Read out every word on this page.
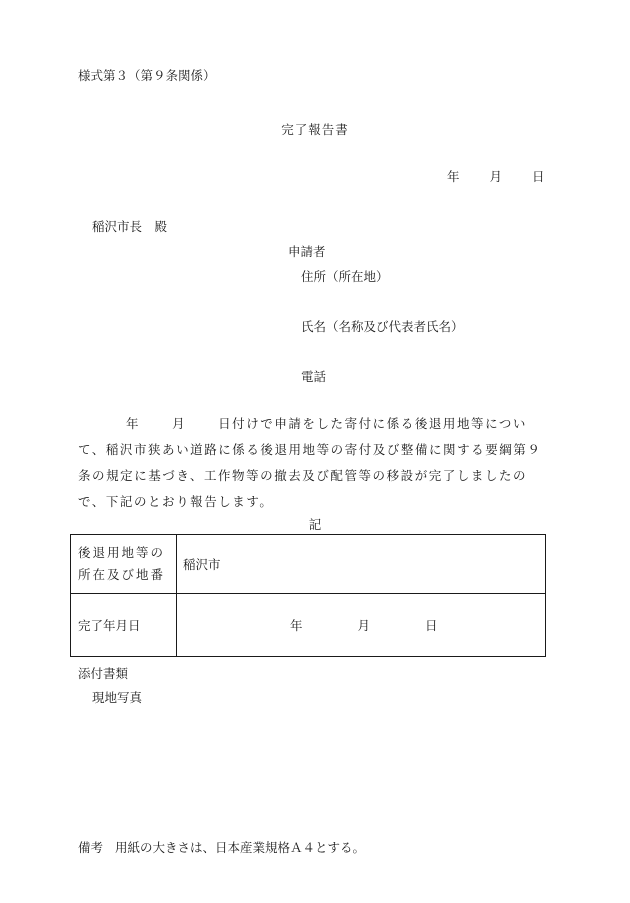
様式第３（第９条関係）
完了報告書
年 月 日
稲沢市長　殿
申請者
住所（所在地）
氏名（名称及び代表者氏名）
電話
年	月	日付けで申請をした寄付に係る後退用地等について、稲沢市狭あい道路に係る後退用地等の寄付及び整備に関する要綱第９条の規定に基づき、工作物等の撤去及び配管等の移設が完了しましたので、下記のとおり報告します。
記
後退用地等の所在及び地番	稲沢市
完了年月日	年 月 日
添付書類
現地写真
備考 用紙の大きさは、日本産業規格Ａ４とする。
